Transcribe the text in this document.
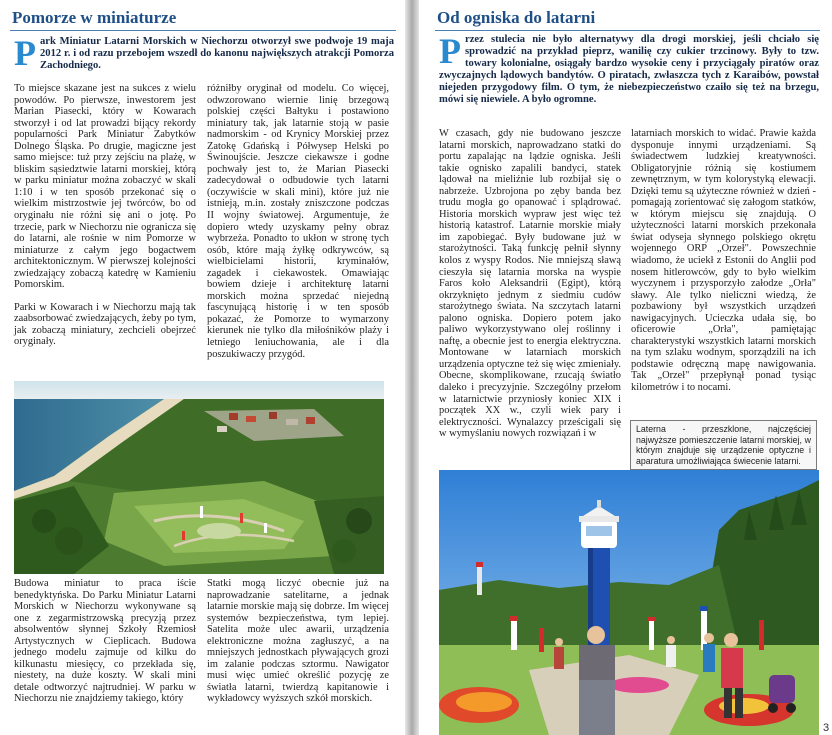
Pomorze w miniaturze
P ark Miniatur Latarni Morskich w Niechorzu otworzył swe podwoje 19 maja 2012 r. i od razu przebojem wszedł do kanonu największych atrakcji Pomorza Zachodniego.

To miejsce skazane jest na sukces z wielu powodów. Po pierwsze, inwestorem jest Marian Piasecki, który w Kowarach stworzył i od lat prowadzi bijący rekordy popularności Park Miniatur Zabytków Dolnego Śląska. Po drugie, magiczne jest samo miejsce: tuż przy zejściu na plażę, w bliskim sąsiedztwie latarni morskiej, którą w parku miniatur można zobaczyć w skali 1:10 i w ten sposób przekonać się o wielkim mistrzostwie jej twórców, bo od oryginału nie różni się ani o jotę. Po trzecie, park w Niechorzu nie ogranicza się do latarni, ale rośnie w nim Pomorze w miniaturze z całym jego bogactwem architektonicznym. W pierwszej kolejności zwiedzający zobaczą katedrę w Kamieniu Pomorskim.

Parki w Kowarach i w Niechorzu mają tak zaabsorbować zwiedzających, żeby po tym, jak zobaczą miniatury, zechcieli obejrzeć oryginały.

różniłby oryginał od modelu. Co więcej, odwzorowano wiernie linię brzegową polskiej części Bałtyku i postawiono miniatury tak, jak latarnie stoją w pasie nadmorskim - od Krynicy Morskiej przez Zatokę Gdańską i Półwysep Helski po Świnoujście. Jeszcze ciekawsze i godne pochwały jest to, że Marian Piasecki zadecydował o odbudowie tych latarni (oczywiście w skali mini), które już nie istnieją, m.in. zostały zniszczone podczas II wojny światowej. Argumentuje, że dopiero wtedy uzyskamy pełny obraz wybrzeża. Ponadto to ukłon w stronę tych osób, które mają żyłkę odkrywców, są wielbicielami historii, kryminałów, zagadek i ciekawostek. Omawiając bowiem dzieje i architekturę latarni morskich można sprzedać niejedną fascynującą historię i w ten sposób pokazać, że Pomorze to wymarzony kierunek nie tylko dla miłośników plaży i letniego leniuchowania, ale i dla poszukiwaczy przygód.

Budowa miniatur to praca iście benedyktyńska. Do Parku Miniatur Latarni Morskich w Niechorzu wykonywane są one z zegarmistrzowską precyzją przez absolwentów słynnej Szkoły Rzemiosł Artystycznych w Cieplicach. Budowa jednego modelu zajmuje od kilku do kilkunastu miesięcy, co przekłada się, niestety, na duże koszty. W skali mini detale odtworzyć najtrudniej. W parku w Niechorzu nie znajdziemy takiego, który

Statki mogą liczyć obecnie już na naprowadzanie satelitarne, a jednak latarnie morskie mają się dobrze. Im więcej systemów bezpieczeństwa, tym lepiej. Satelita może ulec awarii, urządzenia elektroniczne można zagłuszyć, a na mniejszych jednostkach pływających grozi im zalanie podczas sztormu. Nawigator musi więc umieć określić pozycję ze światła latarni, twierdzą kapitanowie i wykładowcy wyższych szkół morskich.

Od ogniska do latarni
P rzez stulecia nie było alternatywy dla drogi morskiej, jeśli chciało się sprowadzić na przykład pieprz, wanilię czy cukier trzcinowy. Były to tzw. towary kolonialne, osiągały bardzo wysokie ceny i przyciągały piratów oraz zwyczajnych lądowych bandytów. O piratach, zwłaszcza tych z Karaibów, powstał niejeden przygodowy film. O tym, że niebezpieczeństwo czaiło się też na brzegu, mówi się niewiele. A było ogromne.

W czasach, gdy nie budowano jeszcze latarni morskich, naprowadzano statki do portu zapalając na lądzie ogniska. Jeśli takie ognisko zapalili bandyci, statek lądował na mieliźnie lub rozbijał się o nabrzeże. Uzbrojona po zęby banda bez trudu mogła go opanować i splądrować. Historia morskich wypraw jest więc też historią katastrof. Latarnie morskie miały im zapobiegać. Były budowane już w starożytności. Taką funkcję pełnił słynny kolos z wyspy Rodos. Nie mniejszą sławą cieszyła się latarnia morska na wyspie Faros koło Aleksandrii (Egipt), którą okrzyknięto jednym z siedmiu cudów starożytnego świata. Na szczytach latarni palono ogniska. Dopiero potem jako paliwo wykorzystywano olej roślinny i naftę, a obecnie jest to energia elektryczna. Montowane w latarniach morskich urządzenia optyczne też się więc zmieniały. Obecne, skomplikowane, rzucają światło daleko i precyzyjnie. Szczególny przełom w latarnictwie przyniosły koniec XIX i początek XX w., czyli wiek pary i elektryczności. Wynalazcy prześcigali się w wymyślaniu nowych rozwiązań i w

latarniach morskich to widać. Prawie każda dysponuje innymi urządzeniami. Są świadectwem ludzkiej kreatywności. Obligatoryjnie różnią się kostiumem zewnętrznym, w tym kolorystyką elewacji. Dzięki temu są użyteczne również w dzień - pomagają zorientować się załogom statków, w którym miejscu się znajdują. O użyteczności latarni morskich przekonała świat odyseja słynnego polskiego okrętu wojennego ORP „Orzeł". Powszechnie wiadomo, że uciekł z Estonii do Anglii pod nosem hitlerowców, gdy to było wielkim wyczynem i przysporzyło załodze „Orła" sławy. Ale tylko nieliczni wiedzą, że pozbawiony był wszystkich urządzeń nawigacyjnych. Ucieczka udała się, bo oficerowie „Orła", pamiętając charakterystyki wszystkich latarni morskich na tym szlaku wodnym, sporządzili na ich podstawie odręczną mapę nawigowania. Tak „Orzeł" przepłynął ponad tysiąc kilometrów i to nocami.

Laterna - przeszklone, najczęściej najwyższe pomieszczenie latarni morskiej, w którym znajduje się urządzenie optyczne i aparatura umożliwiająca świecenie latarni.
3
